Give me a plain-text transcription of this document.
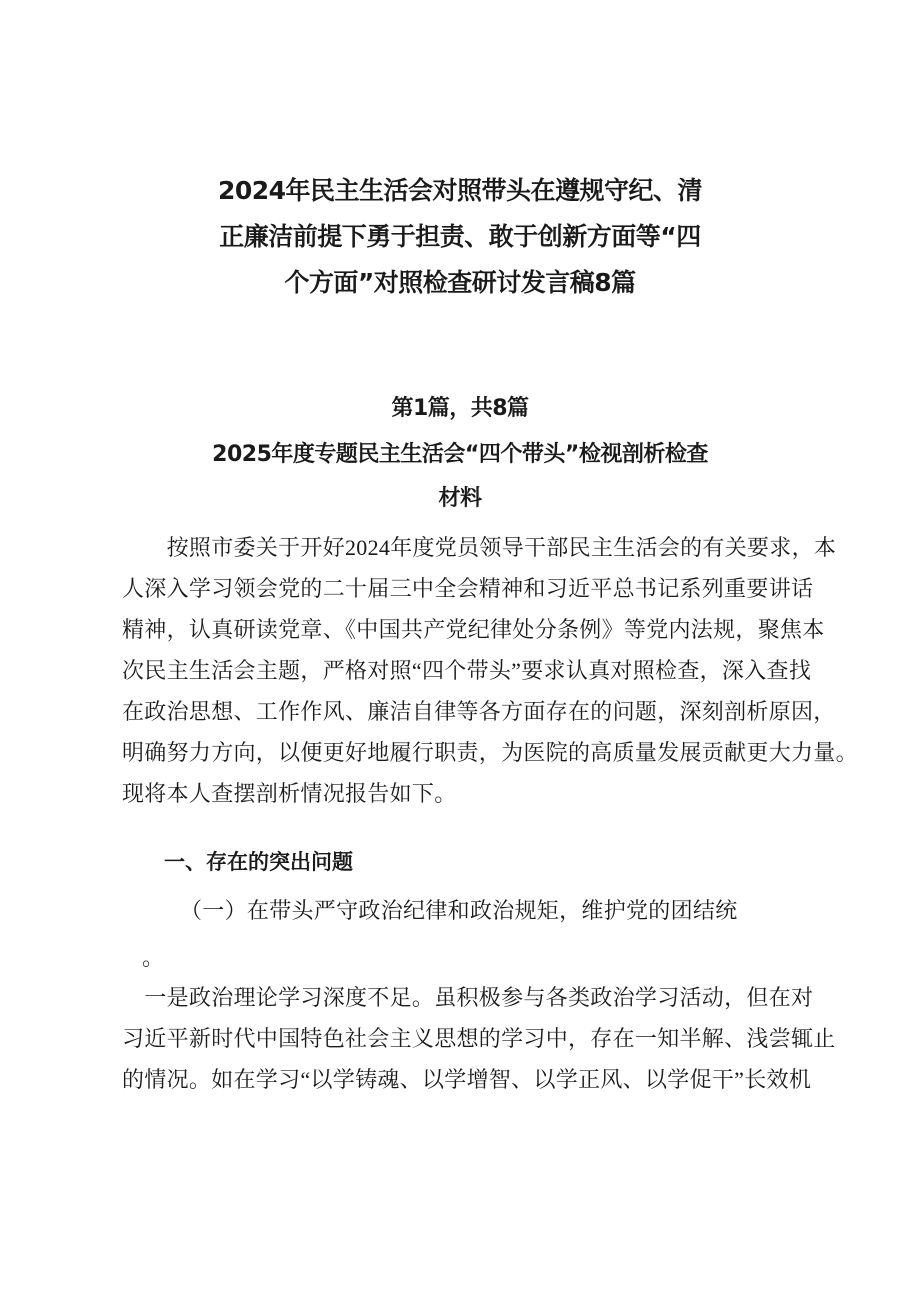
2024年民主生活会对照带头在遵规守纪、清
正廉洁前提下勇于担责、敢于创新方面等“四
个方面”对照检查研讨发言稿8篇
第1篇，共8篇
2025年度专题民主生活会“四个带头”检视剖析检查
材料

　　按照市委关于开好2024年度党员领导干部民主生活会的有关要求，本
人深入学习领会党的二十届三中全会精神和习近平总书记系列重要讲话
精神，认真研读党章、《中国共产党纪律处分条例》等党内法规，聚焦本
次民主生活会主题，严格对照“四个带头”要求认真对照检查，深入查找
在政治思想、工作作风、廉洁自律等各方面存在的问题，深刻剖析原因，
明确努力方向，以便更好地履行职责，为医院的高质量发展贡献更大力量。
现将本人查摆剖析情况报告如下。

一、存在的突出问题

（一）在带头严守政治纪律和政治规矩，维护党的团结统
。

　一是政治理论学习深度不足。虽积极参与各类政治学习活动，但在对
习近平新时代中国特色社会主义思想的学习中，存在一知半解、浅尝辄止
的情况。如在学习“以学铸魂、以学增智、以学正风、以学促干”长效机
